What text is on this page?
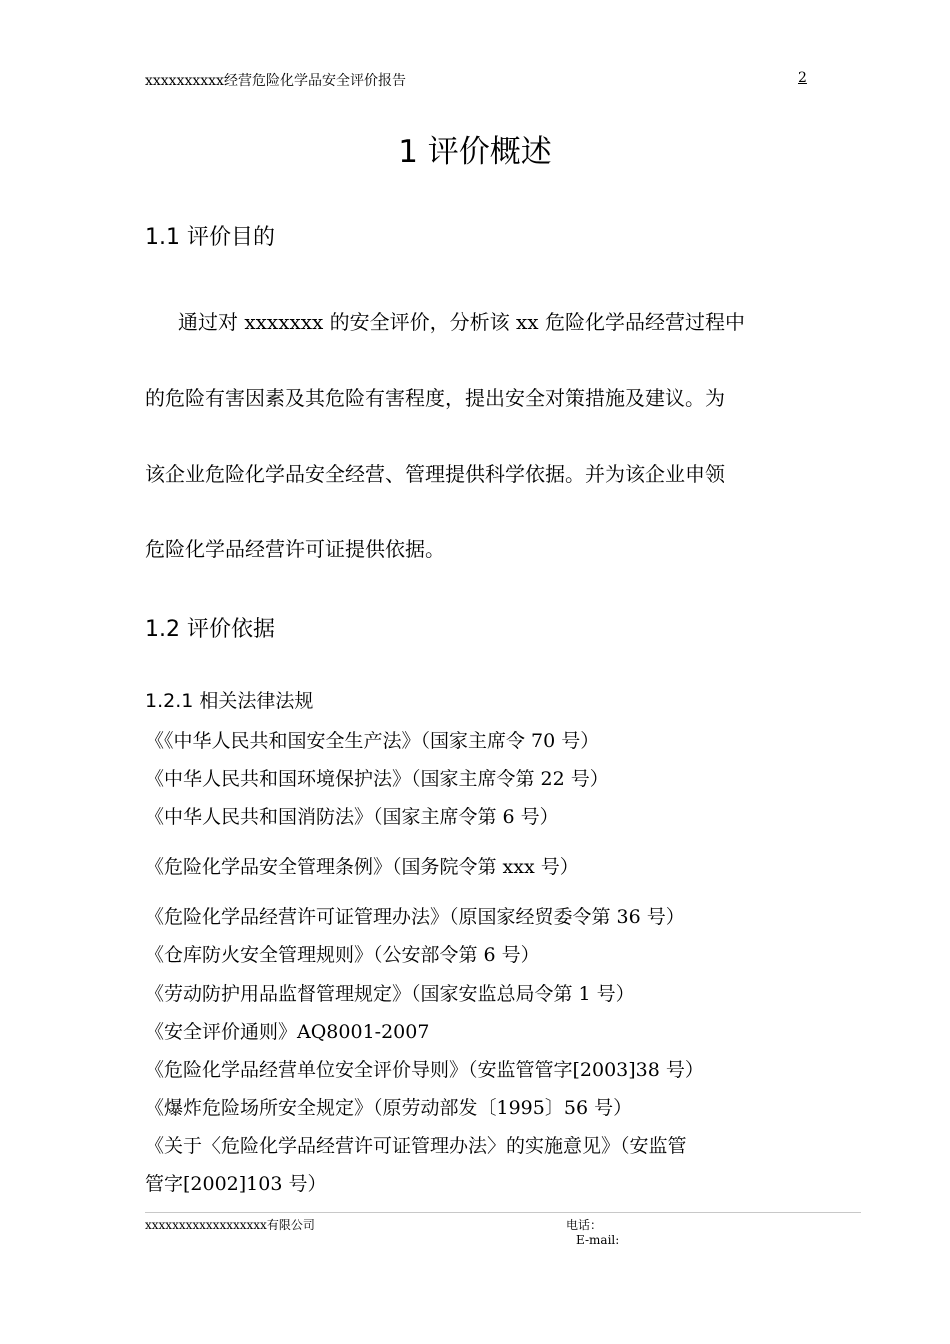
xxxxxxxxxx经营危险化学品安全评价报告	2
1 评价概述
1.1 评价目的
通过对 xxxxxxx 的安全评价，分析该 xx 危险化学品经营过程中
的危险有害因素及其危险有害程度，提出安全对策措施及建议。为
该企业危险化学品安全经营、管理提供科学依据。并为该企业申领
危险化学品经营许可证提供依据。
1.2 评价依据
1.2.1 相关法律法规
《《中华人民共和国安全生产法》（国家主席令 70 号）
《中华人民共和国环境保护法》（国家主席令第 22 号）
《中华人民共和国消防法》（国家主席令第 6 号）
《危险化学品安全管理条例》（国务院令第 xxx 号）
《危险化学品经营许可证管理办法》（原国家经贸委令第 36 号）
《仓库防火安全管理规则》（公安部令第 6 号）
《劳动防护用品监督管理规定》（国家安监总局令第 1 号）
《安全评价通则》AQ8001-2007
《危险化学品经营单位安全评价导则》（安监管管字[2003]38 号）
《爆炸危险场所安全规定》（原劳动部发〔1995〕56 号）
《关于〈危险化学品经营许可证管理办法〉的实施意见》（安监管
管字[2002]103 号）
xxxxxxxxxxxxxxxxxx有限公司	电话：
E-mail:
